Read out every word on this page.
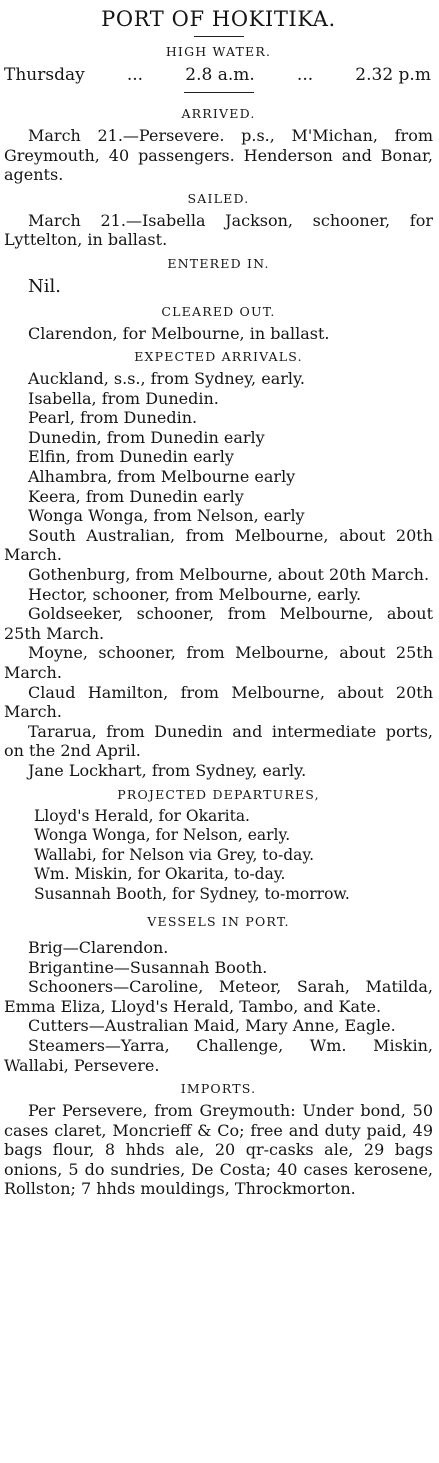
PORT OF HOKITIKA.
HIGH WATER.
Thursday ... 2.8 a.m. ... 2.32 p.m
ARRIVED.

March 21.—Persevere. p.s., M'Michan, from Greymouth, 40 passengers. Henderson and Bonar, agents.

SAILED.

March 21.—Isabella Jackson, schooner, for Lyttelton, in ballast.

ENTERED IN.
Nil.
CLEARED OUT.
Clarendon, for Melbourne, in ballast.
EXPECTED ARRIVALS.
Auckland, s.s., from Sydney, early.
Isabella, from Dunedin.
Pearl, from Dunedin.
Dunedin, from Dunedin early
Elfin, from Dunedin early
Alhambra, from Melbourne early
Keera, from Dunedin early
Wonga Wonga, from Nelson, early

South Australian, from Melbourne, about 20th March.

Gothenburg, from Melbourne, about 20th March.

Hector, schooner, from Melbourne, early.

Goldseeker, schooner, from Melbourne, about 25th March.

Moyne, schooner, from Melbourne, about 25th March.

Claud Hamilton, from Melbourne, about 20th March.

Tararua, from Dunedin and intermediate ports, on the 2nd April.

Jane Lockhart, from Sydney, early.

PROJECTED DEPARTURES,
Lloyd's Herald, for Okarita.
Wonga Wonga, for Nelson, early.
Wallabi, for Nelson via Grey, to-day.
Wm. Miskin, for Okarita, to-day.
Susannah Booth, for Sydney, to-morrow.
VESSELS IN PORT.

Brig—Clarendon.

Brigantine—Susannah Booth.

Schooners—Caroline, Meteor, Sarah, Matilda, Emma Eliza, Lloyd's Herald, Tambo, and Kate.

Cutters—Australian Maid, Mary Anne, Eagle.

Steamers—Yarra, Challenge, Wm. Miskin, Wallabi, Persevere.

IMPORTS.

Per Persevere, from Greymouth: Under bond, 50 cases claret, Moncrieff & Co; free and duty paid, 49 bags flour, 8 hhds ale, 20 qr-casks ale, 29 bags onions, 5 do sundries, De Costa; 40 cases kerosene, Rollston; 7 hhds mouldings, Throckmorton.
